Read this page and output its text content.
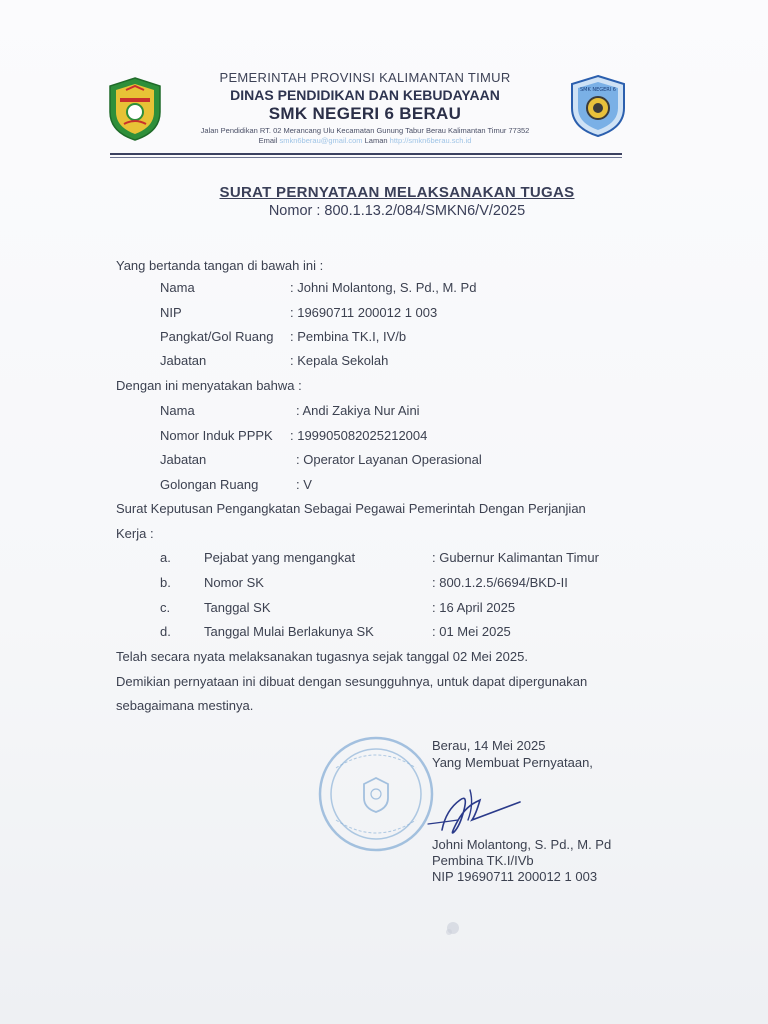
SMK NEGERI 6
PEMERINTAH PROVINSI KALIMANTAN TIMUR
DINAS PENDIDIKAN DAN KEBUDAYAAN
SMK NEGERI 6 BERAU
Jalan Pendidikan RT. 02 Merancang Ulu Kecamatan Gunung Tabur Berau Kalimantan Timur 77352
Email smkn6berau@gmail.com Laman http://smkn6berau.sch.id
SURAT PERNYATAAN MELAKSANAKAN TUGAS
Nomor : 800.1.13.2/084/SMKN6/V/2025
Yang bertanda tangan di bawah ini :
Nama	: Johni Molantong, S. Pd., M. Pd
NIP	: 19690711 200012 1 003
Pangkat/Gol Ruang : Pembina TK.I, IV/b
Jabatan	: Kepala Sekolah
Dengan ini menyatakan bahwa :
Nama	: Andi Zakiya Nur Aini
Nomor Induk PPPK : 199905082025212004
Jabatan	: Operator Layanan Operasional
Golongan Ruang	: V
Surat Keputusan Pengangkatan Sebagai Pegawai Pemerintah Dengan Perjanjian
Kerja :
a.	Pejabat yang mengangkat	: Gubernur Kalimantan Timur
b.	Nomor SK	: 800.1.2.5/6694/BKD-II
c.	Tanggal SK	: 16 April 2025
d.	Tanggal Mulai Berlakunya SK	: 01 Mei 2025
Telah secara nyata melaksanakan tugasnya sejak tanggal 02 Mei 2025.
Demikian pernyataan ini dibuat dengan sesungguhnya, untuk dapat dipergunakan
sebagaimana mestinya.
Berau, 14 Mei 2025
Yang Membuat Pernyataan,
Johni Molantong, S. Pd., M. Pd
Pembina TK.I/IVb
NIP 19690711 200012 1 003
